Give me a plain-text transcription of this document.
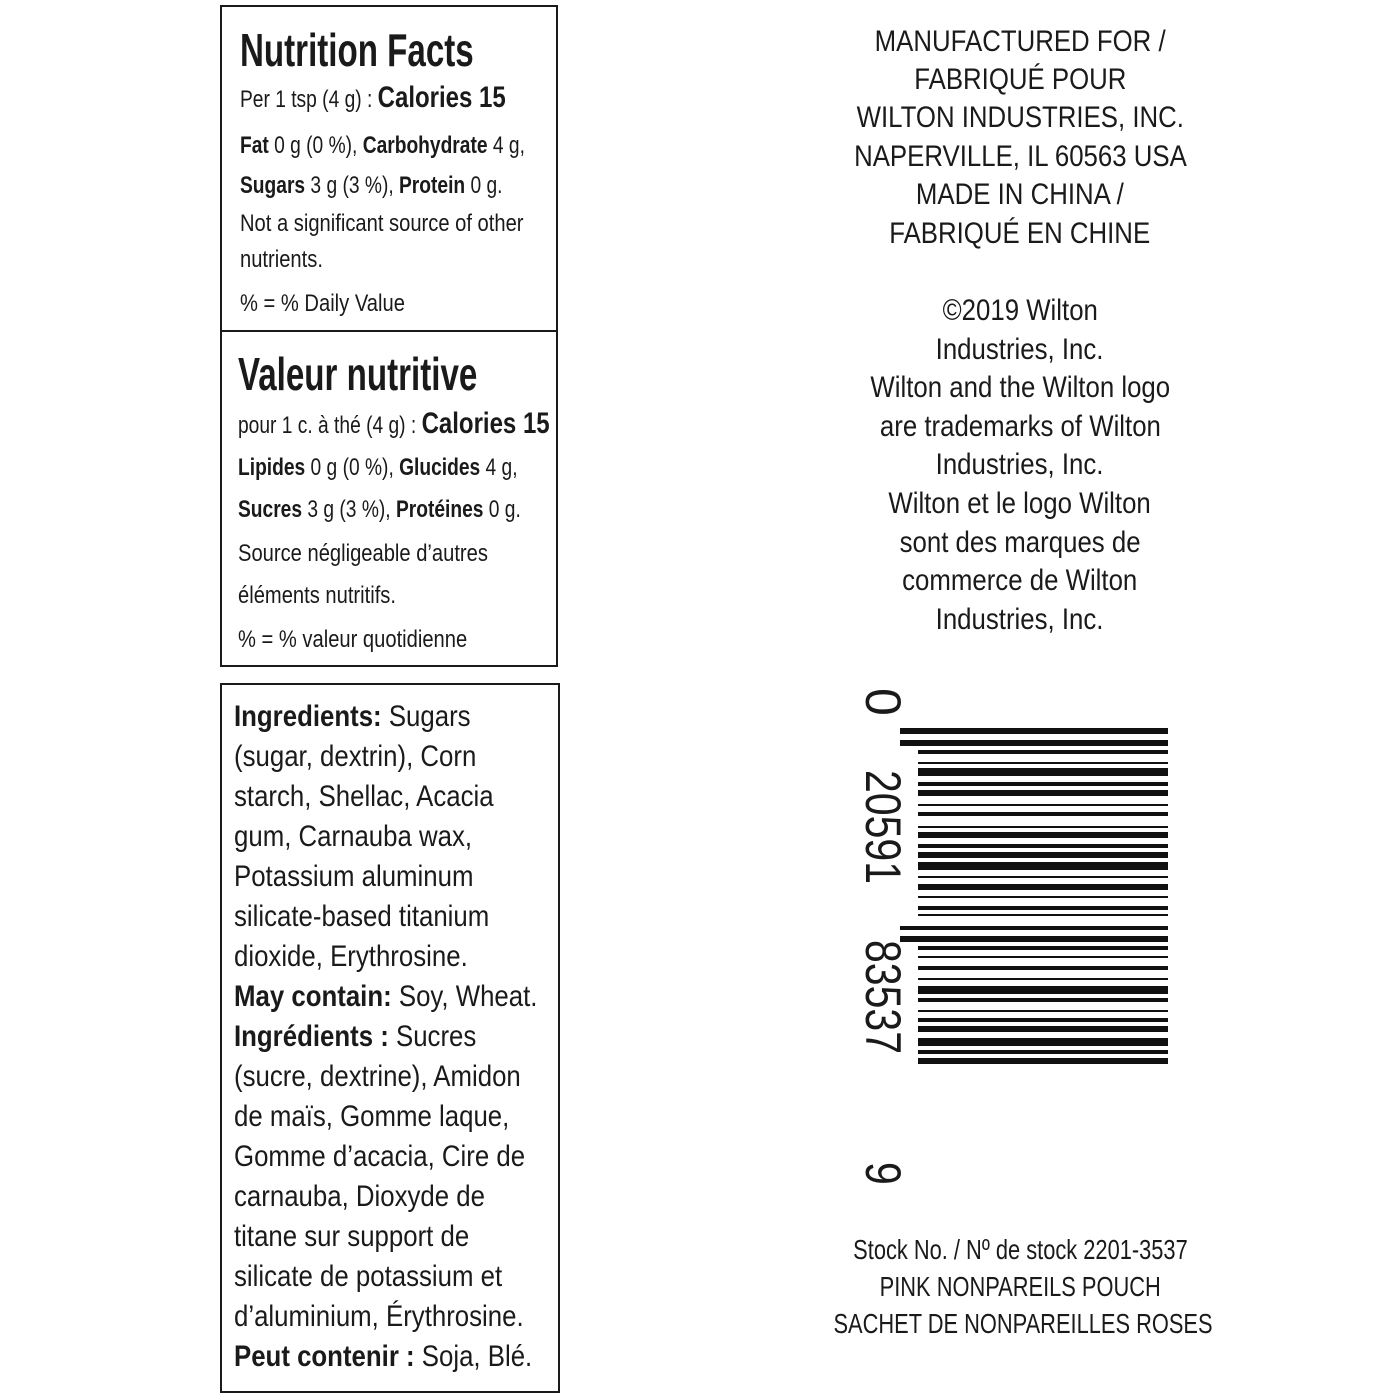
Nutrition Facts
Per 1 tsp (4 g) : Calories 15
Fat 0 g (0 %), Carbohydrate 4 g,
Sugars 3 g (3 %), Protein 0 g.
Not a significant source of other
nutrients.
% = % Daily Value
Valeur nutritive
pour 1 c. à thé (4 g) : Calories 15
Lipides 0 g (0 %), Glucides 4 g,
Sucres 3 g (3 %), Protéines 0 g.
Source négligeable d’autres
éléments nutritifs.
% = % valeur quotidienne
Ingredients: Sugars
(sugar, dextrin), Corn
starch, Shellac, Acacia
gum, Carnauba wax,
Potassium aluminum
silicate-based titanium
dioxide, Erythrosine.
May contain: Soy, Wheat.
Ingrédients : Sucres
(sucre, dextrine), Amidon
de maïs, Gomme laque,
Gomme d’acacia, Cire de
carnauba, Dioxyde de
titane sur support de
silicate de potassium et
d’aluminium, Érythrosine.
Peut contenir : Soja, Blé.
MANUFACTURED FOR /
FABRIQUÉ POUR
WILTON INDUSTRIES, INC.
NAPERVILLE, IL 60563 USA
MADE IN CHINA /
FABRIQUÉ EN CHINE
©2019 Wilton
Industries, Inc.
Wilton and the Wilton logo
are trademarks of Wilton
Industries, Inc.
Wilton et le logo Wilton
sont des marques de
commerce de Wilton
Industries, Inc.
0
20591
83537
9
Stock No. / Nº de stock 2201-3537
PINK NONPAREILS POUCH
SACHET DE NONPAREILLES ROSES
